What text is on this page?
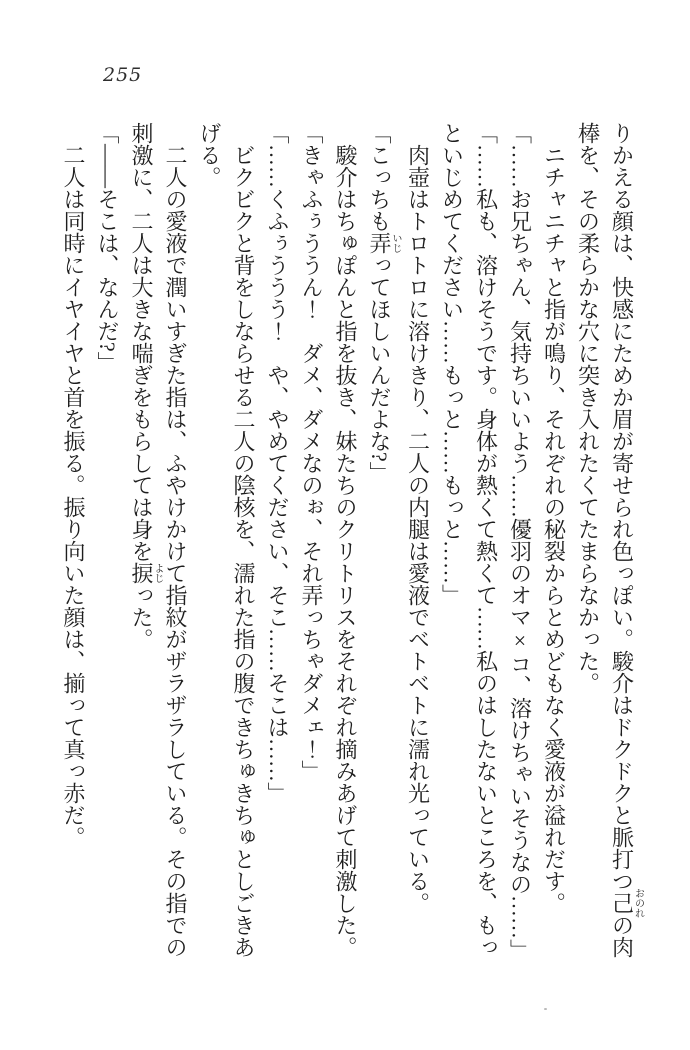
255

りかえる顔は、快感にためか眉が寄せられ色っぽい。駿介はドクドクと脈打つ己おのれの肉棒を、その柔らかな穴に突き入れたくてたまらなかった。

ニチャニチャと指が鳴り、それぞれの秘裂からとめどもなく愛液が溢れだす。

「……お兄ちゃん、気持ちいいよう……優羽のオマ×コ、溶けちゃいそうなの……」

「……私も、溶けそうです。身体が熱くて熱くて……私のはしたないところを、もっといじめてください……もっと……もっと……」

肉壺はトロトロに溶けきり、二人の内腿は愛液でベトベトに濡れ光っている。

「こっちも弄いじってほしいんだよな?」

駿介はちゅぽんと指を抜き、妹たちのクリトリスをそれぞれ摘みあげて刺激した。

「きゃふぅううん！　ダメ、ダメなのぉ、それ弄っちゃダメェ！」

「……くふぅううう！　や、やめてください、そこ……そこは……」

ビクビクと背をしならせる二人の陰核を、濡れた指の腹できちゅきちゅとしごきあげる。

二人の愛液で潤いすぎた指は、ふやけかけて指紋がザラザラしている。その指での刺激に、二人は大きな喘ぎをもらしては身を捩よじった。

「――そこは、なんだ?」

二人は同時にイヤイヤと首を振る。振り向いた顔は、揃って真っ赤だ。
